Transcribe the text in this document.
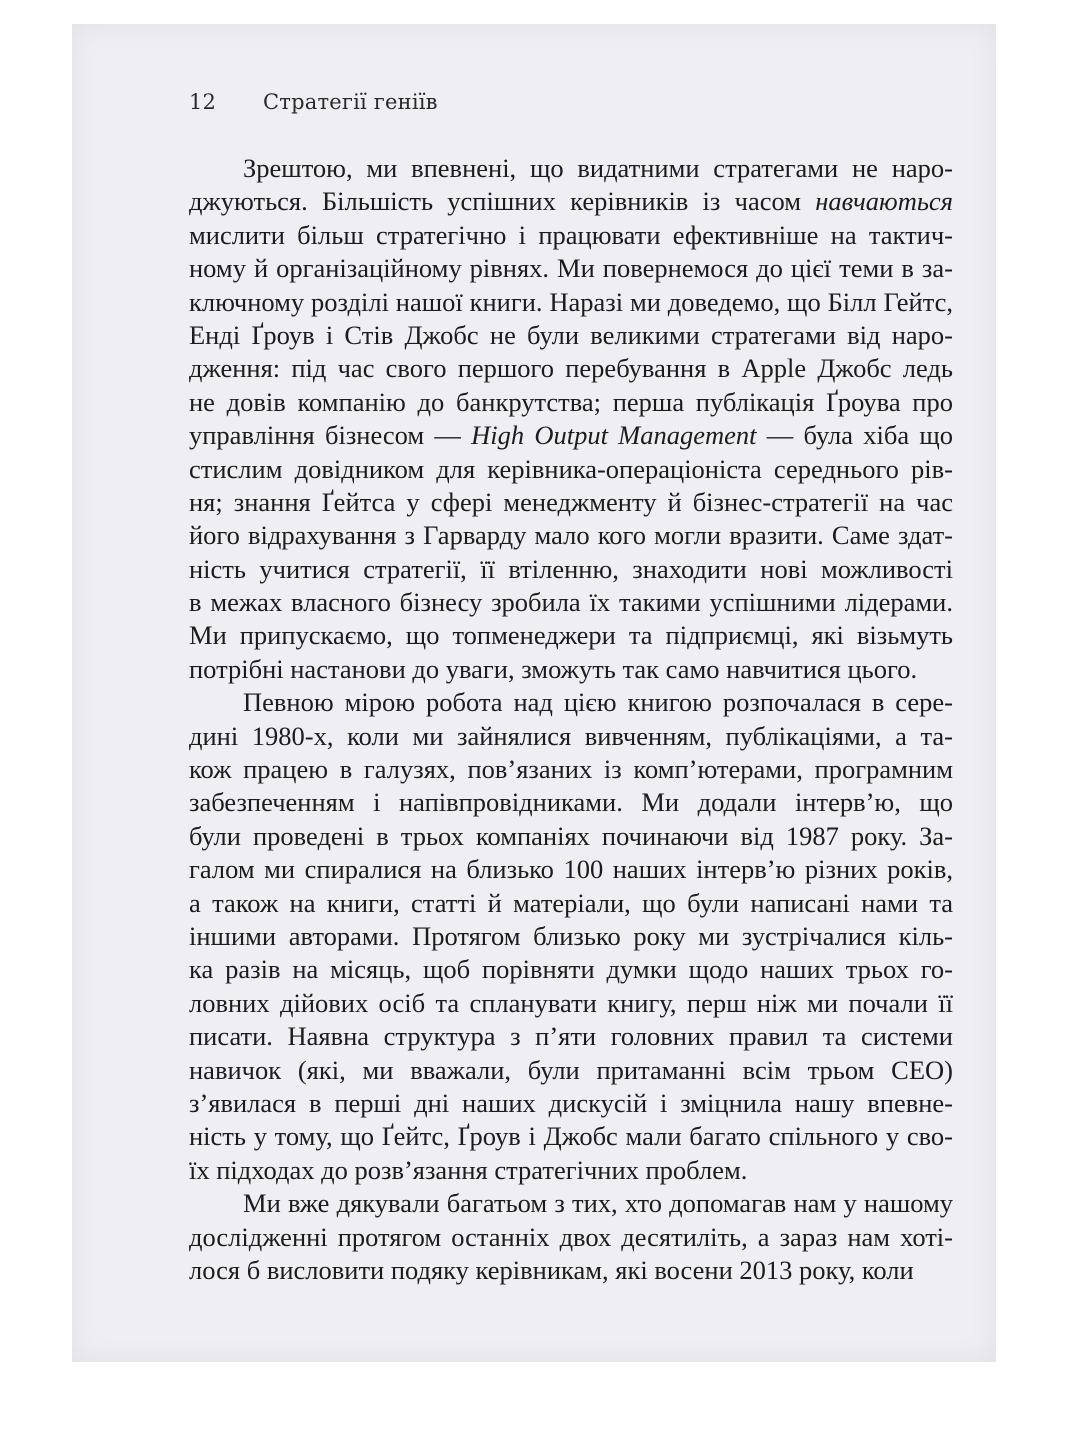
12 Стратегії геніїв

Зрештою, ми впевнені, що видатними стратегами не наро-
джуються. Більшість успішних керівників із часом навчаються
мислити більш стратегічно і працювати ефективніше на тактич-
ному й організаційному рівнях. Ми повернемося до цієї теми в за-
ключному розділі нашої книги. Наразі ми доведемо, що Білл Гейтс,
Енді Ґроув і Стів Джобс не були великими стратегами від наро-
дження: під час свого першого перебування в Apple Джобс ледь
не довів компанію до банкрутства; перша публікація Ґроува про
управління бізнесом — High Output Management — була хіба що
стислим довідником для керівника-операціоніста середнього рів-
ня; знання Ґейтса у сфері менеджменту й бізнес-стратегії на час
його відрахування з Гарварду мало кого могли вразити. Саме здат-
ність учитися стратегії, її втіленню, знаходити нові можливості
в межах власного бізнесу зробила їх такими успішними лідерами.
Ми припускаємо, що топменеджери та підприємці, які візьмуть
потрібні настанови до уваги, зможуть так само навчитися цього.

Певною мірою робота над цією книгою розпочалася в сере-
дині 1980-х, коли ми зайнялися вивченням, публікаціями, а та-
кож працею в галузях, пов’язаних із комп’ютерами, програмним
забезпеченням і напівпровідниками. Ми додали інтерв’ю, що
були проведені в трьох компаніях починаючи від 1987 року. За-
галом ми спиралися на близько 100 наших інтерв’ю різних років,
а також на книги, статті й матеріали, що були написані нами та
іншими авторами. Протягом близько року ми зустрічалися кіль-
ка разів на місяць, щоб порівняти думки щодо наших трьох го-
ловних дійових осіб та спланувати книгу, перш ніж ми почали її
писати. Наявна структура з п’яти головних правил та системи
навичок (які, ми вважали, були притаманні всім трьом CEO)
з’явилася в перші дні наших дискусій і зміцнила нашу впевне-
ність у тому, що Ґейтс, Ґроув і Джобс мали багато спільного у сво-
їх підходах до розв’язання стратегічних проблем.

Ми вже дякували багатьом з тих, хто допомагав нам у нашому
дослідженні протягом останніх двох десятиліть, а зараз нам хоті-
лося б висловити подяку керівникам, які восени 2013 року, коли
